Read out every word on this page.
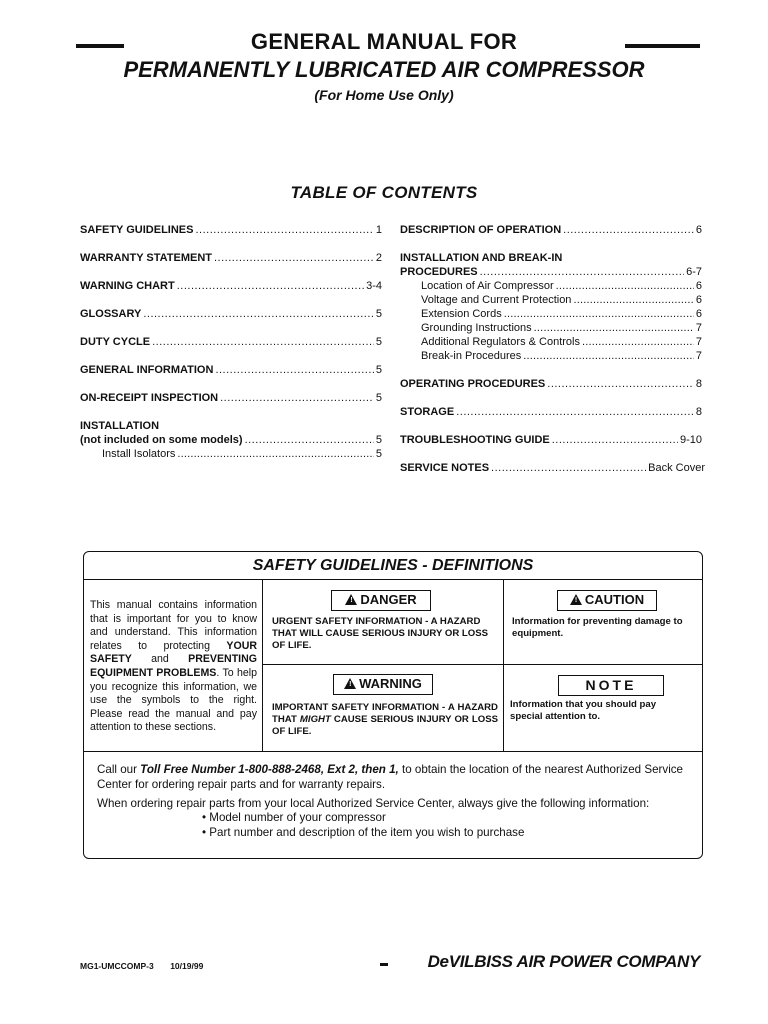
GENERAL MANUAL FOR
PERMANENTLY LUBRICATED AIR COMPRESSOR
(For Home Use Only)
TABLE OF CONTENTS
SAFETY GUIDELINES .....	1
WARRANTY STATEMENT .....	2
WARNING CHART .....	3-4
GLOSSARY .....	5
DUTY CYCLE .....	5
GENERAL INFORMATION .....	5
ON-RECEIPT INSPECTION .....	5
INSTALLATION
(not included on some models) .....	5
Install Isolators .....	5
DESCRIPTION OF OPERATION .....	6
INSTALLATION AND BREAK-IN
PROCEDURES .....	6-7
Location of Air Compressor .....	6
Voltage and Current Protection .....	6
Extension Cords .....	6
Grounding Instructions .....	7
Additional Regulators & Controls .....	7
Break-in Procedures .....	7
OPERATING PROCEDURES .....	8
STORAGE .....	8
TROUBLESHOOTING GUIDE .....	9-10
SERVICE NOTES .....	Back Cover
SAFETY GUIDELINES - DEFINITIONS
This manual contains information that is important for you to know and understand. This information relates to protecting YOUR SAFETY and PREVENTING EQUIPMENT PROBLEMS. To help you recognize this information, we use the symbols to the right. Please read the manual and pay attention to these sections.
! DANGER
URGENT SAFETY INFORMATION - A HAZARD THAT WILL CAUSE SERIOUS INJURY OR LOSS OF LIFE.
! CAUTION
Information for preventing damage to equipment.
! WARNING
IMPORTANT SAFETY INFORMATION - A HAZARD THAT MIGHT CAUSE SERIOUS INJURY OR LOSS OF LIFE.
NOTE
Information that you should pay special attention to.
Call our Toll Free Number 1-800-888-2468, Ext 2, then 1, to obtain the location of the nearest Authorized Service Center for ordering repair parts and for warranty repairs.
When ordering repair parts from your local Authorized Service Center, always give the following information:
• Model number of your compressor
• Part number and description of the item you wish to purchase
MG1-UMCCOMP-3 10/19/99	DeVILBISS AIR POWER COMPANY
